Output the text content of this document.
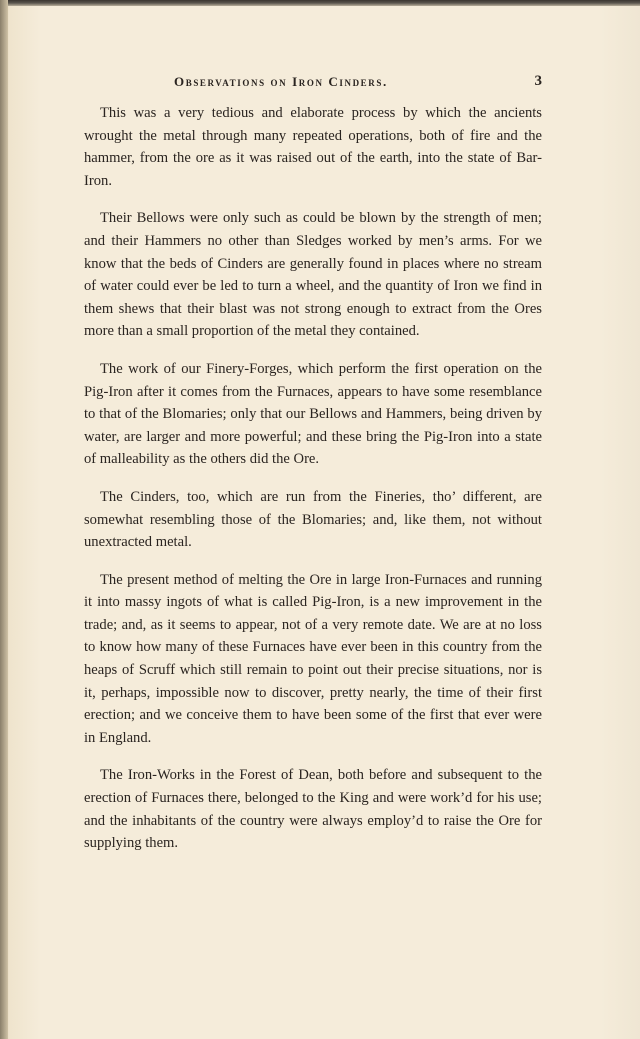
Observations on Iron Cinders.	3

This was a very tedious and elaborate process by which the ancients wrought the metal through many repeated operations, both of fire and the hammer, from the ore as it was raised out of the earth, into the state of Bar-Iron.

Their Bellows were only such as could be blown by the strength of men; and their Hammers no other than Sledges worked by men’s arms. For we know that the beds of Cinders are generally found in places where no stream of water could ever be led to turn a wheel, and the quantity of Iron we find in them shews that their blast was not strong enough to extract from the Ores more than a small proportion of the metal they contained.

The work of our Finery-Forges, which perform the first operation on the Pig-Iron after it comes from the Furnaces, appears to have some resemblance to that of the Blomaries; only that our Bellows and Hammers, being driven by water, are larger and more powerful; and these bring the Pig-Iron into a state of malleability as the others did the Ore.

The Cinders, too, which are run from the Fineries, tho’ different, are somewhat resembling those of the Blomaries; and, like them, not without unextracted metal.

The present method of melting the Ore in large Iron-Furnaces and running it into massy ingots of what is called Pig-Iron, is a new improvement in the trade; and, as it seems to appear, not of a very remote date. We are at no loss to know how many of these Furnaces have ever been in this country from the heaps of Scruff which still remain to point out their precise situations, nor is it, perhaps, impossible now to discover, pretty nearly, the time of their first erection; and we conceive them to have been some of the first that ever were in England.

The Iron-Works in the Forest of Dean, both before and subsequent to the erection of Furnaces there, belonged to the King and were work’d for his use; and the inhabitants of the country were always employ’d to raise the Ore for supplying them.
